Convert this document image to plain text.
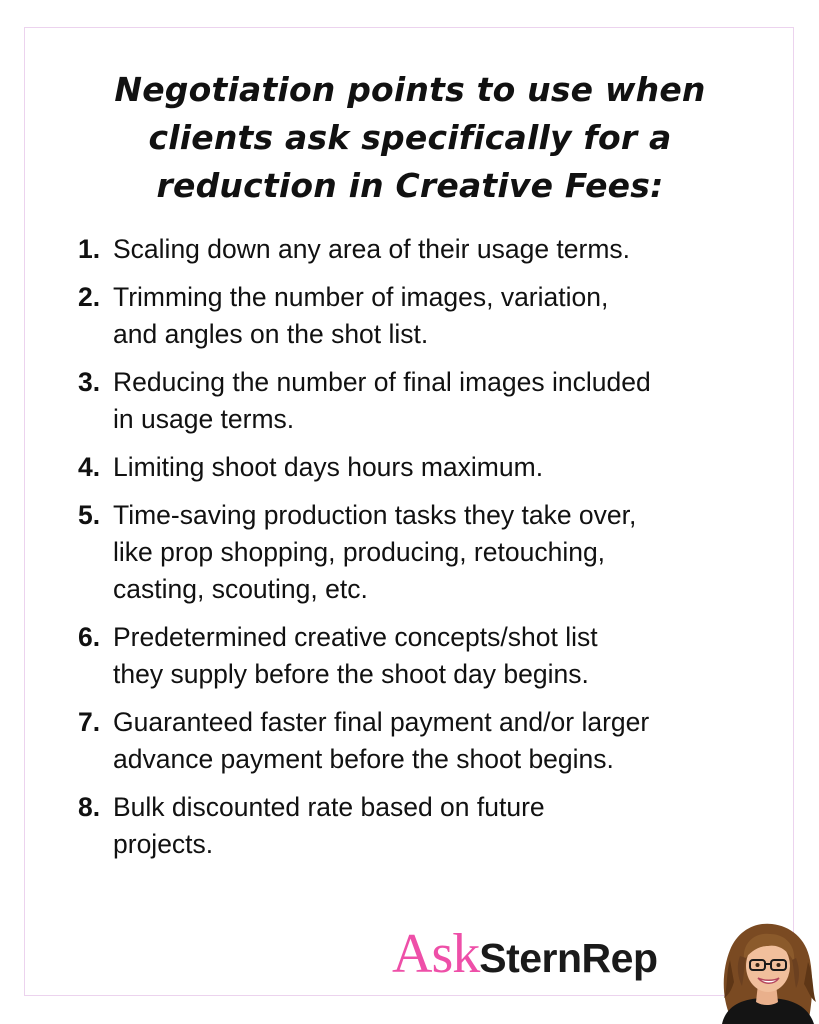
Negotiation points to use when
clients ask specifically for a
reduction in Creative Fees:
1. Scaling down any area of their usage terms.
2. Trimming the number of images, variation,
and angles on the shot list.
3. Reducing the number of final images included
in usage terms.
4. Limiting shoot days hours maximum.
5. Time-saving production tasks they take over,
like prop shopping, producing, retouching,
casting, scouting, etc.
6. Predetermined creative concepts/shot list
they supply before the shoot day begins.
7. Guaranteed faster final payment and/or larger
advance payment before the shoot begins.
8. Bulk discounted rate based on future
projects.
AskSternRep
